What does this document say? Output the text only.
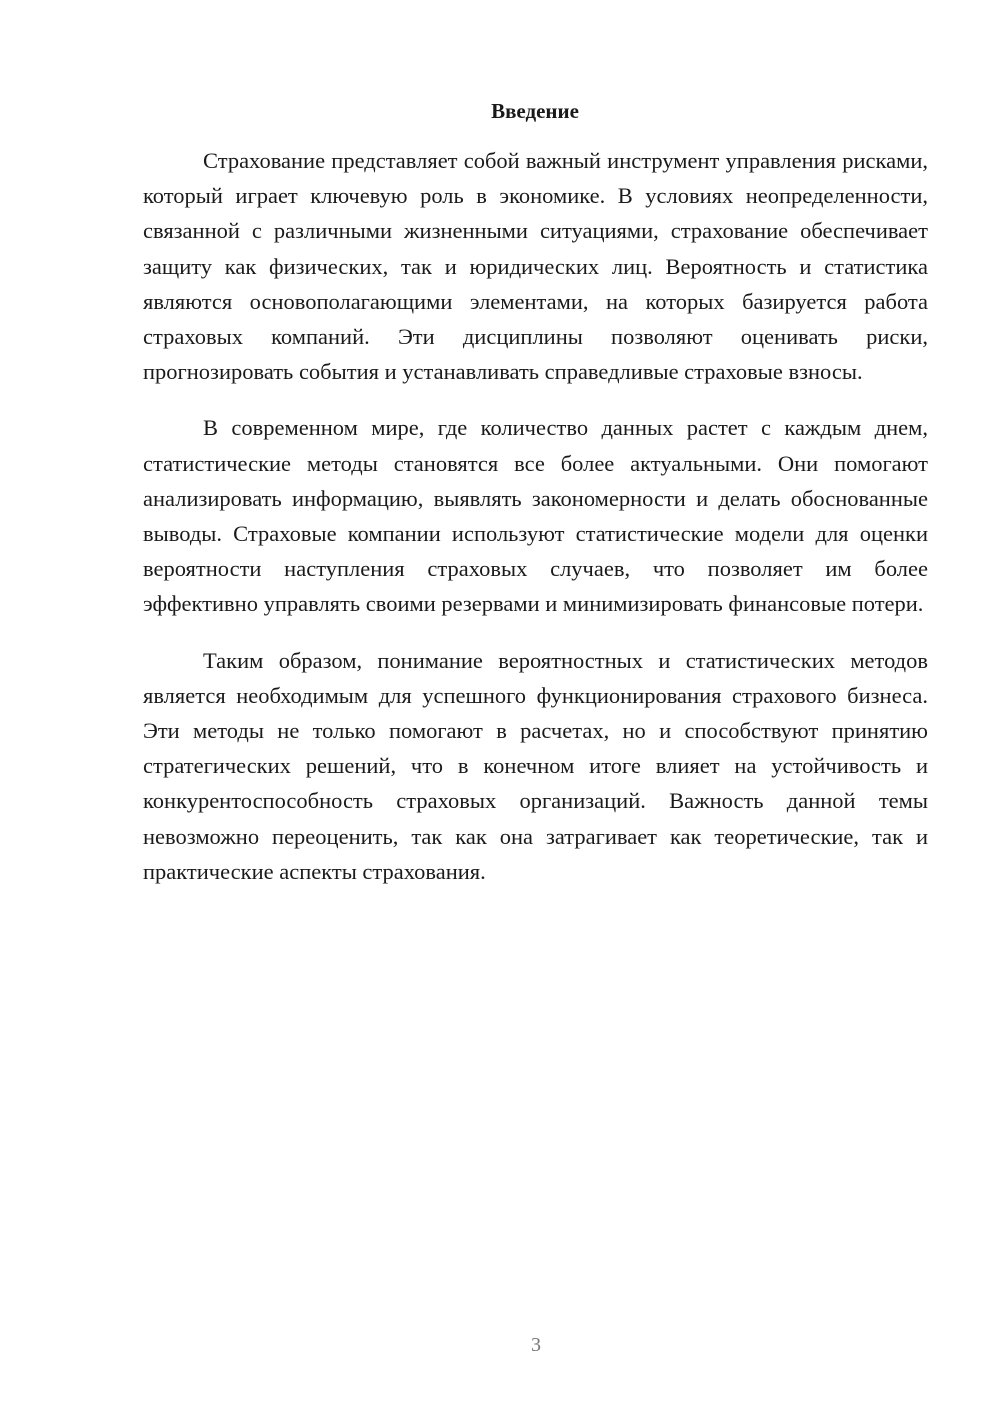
Введение

Страхование представляет собой важный инструмент управления рисками, который играет ключевую роль в экономике. В условиях неопределенности, связанной с различными жизненными ситуациями, страхование обеспечивает защиту как физических, так и юридических лиц. Вероятность и статистика являются основополагающими элементами, на которых базируется работа страховых компаний. Эти дисциплины позволяют оценивать риски, прогнозировать события и устанавливать справедливые страховые взносы.

В современном мире, где количество данных растет с каждым днем, статистические методы становятся все более актуальными. Они помогают анализировать информацию, выявлять закономерности и делать обоснованные выводы. Страховые компании используют статистические модели для оценки вероятности наступления страховых случаев, что позволяет им более эффективно управлять своими резервами и минимизировать финансовые потери.

Таким образом, понимание вероятностных и статистических методов является необходимым для успешного функционирования страхового бизнеса. Эти методы не только помогают в расчетах, но и способствуют принятию стратегических решений, что в конечном итоге влияет на устойчивость и конкурентоспособность страховых организаций. Важность данной темы невозможно переоценить, так как она затрагивает как теоретические, так и практические аспекты страхования.

3
